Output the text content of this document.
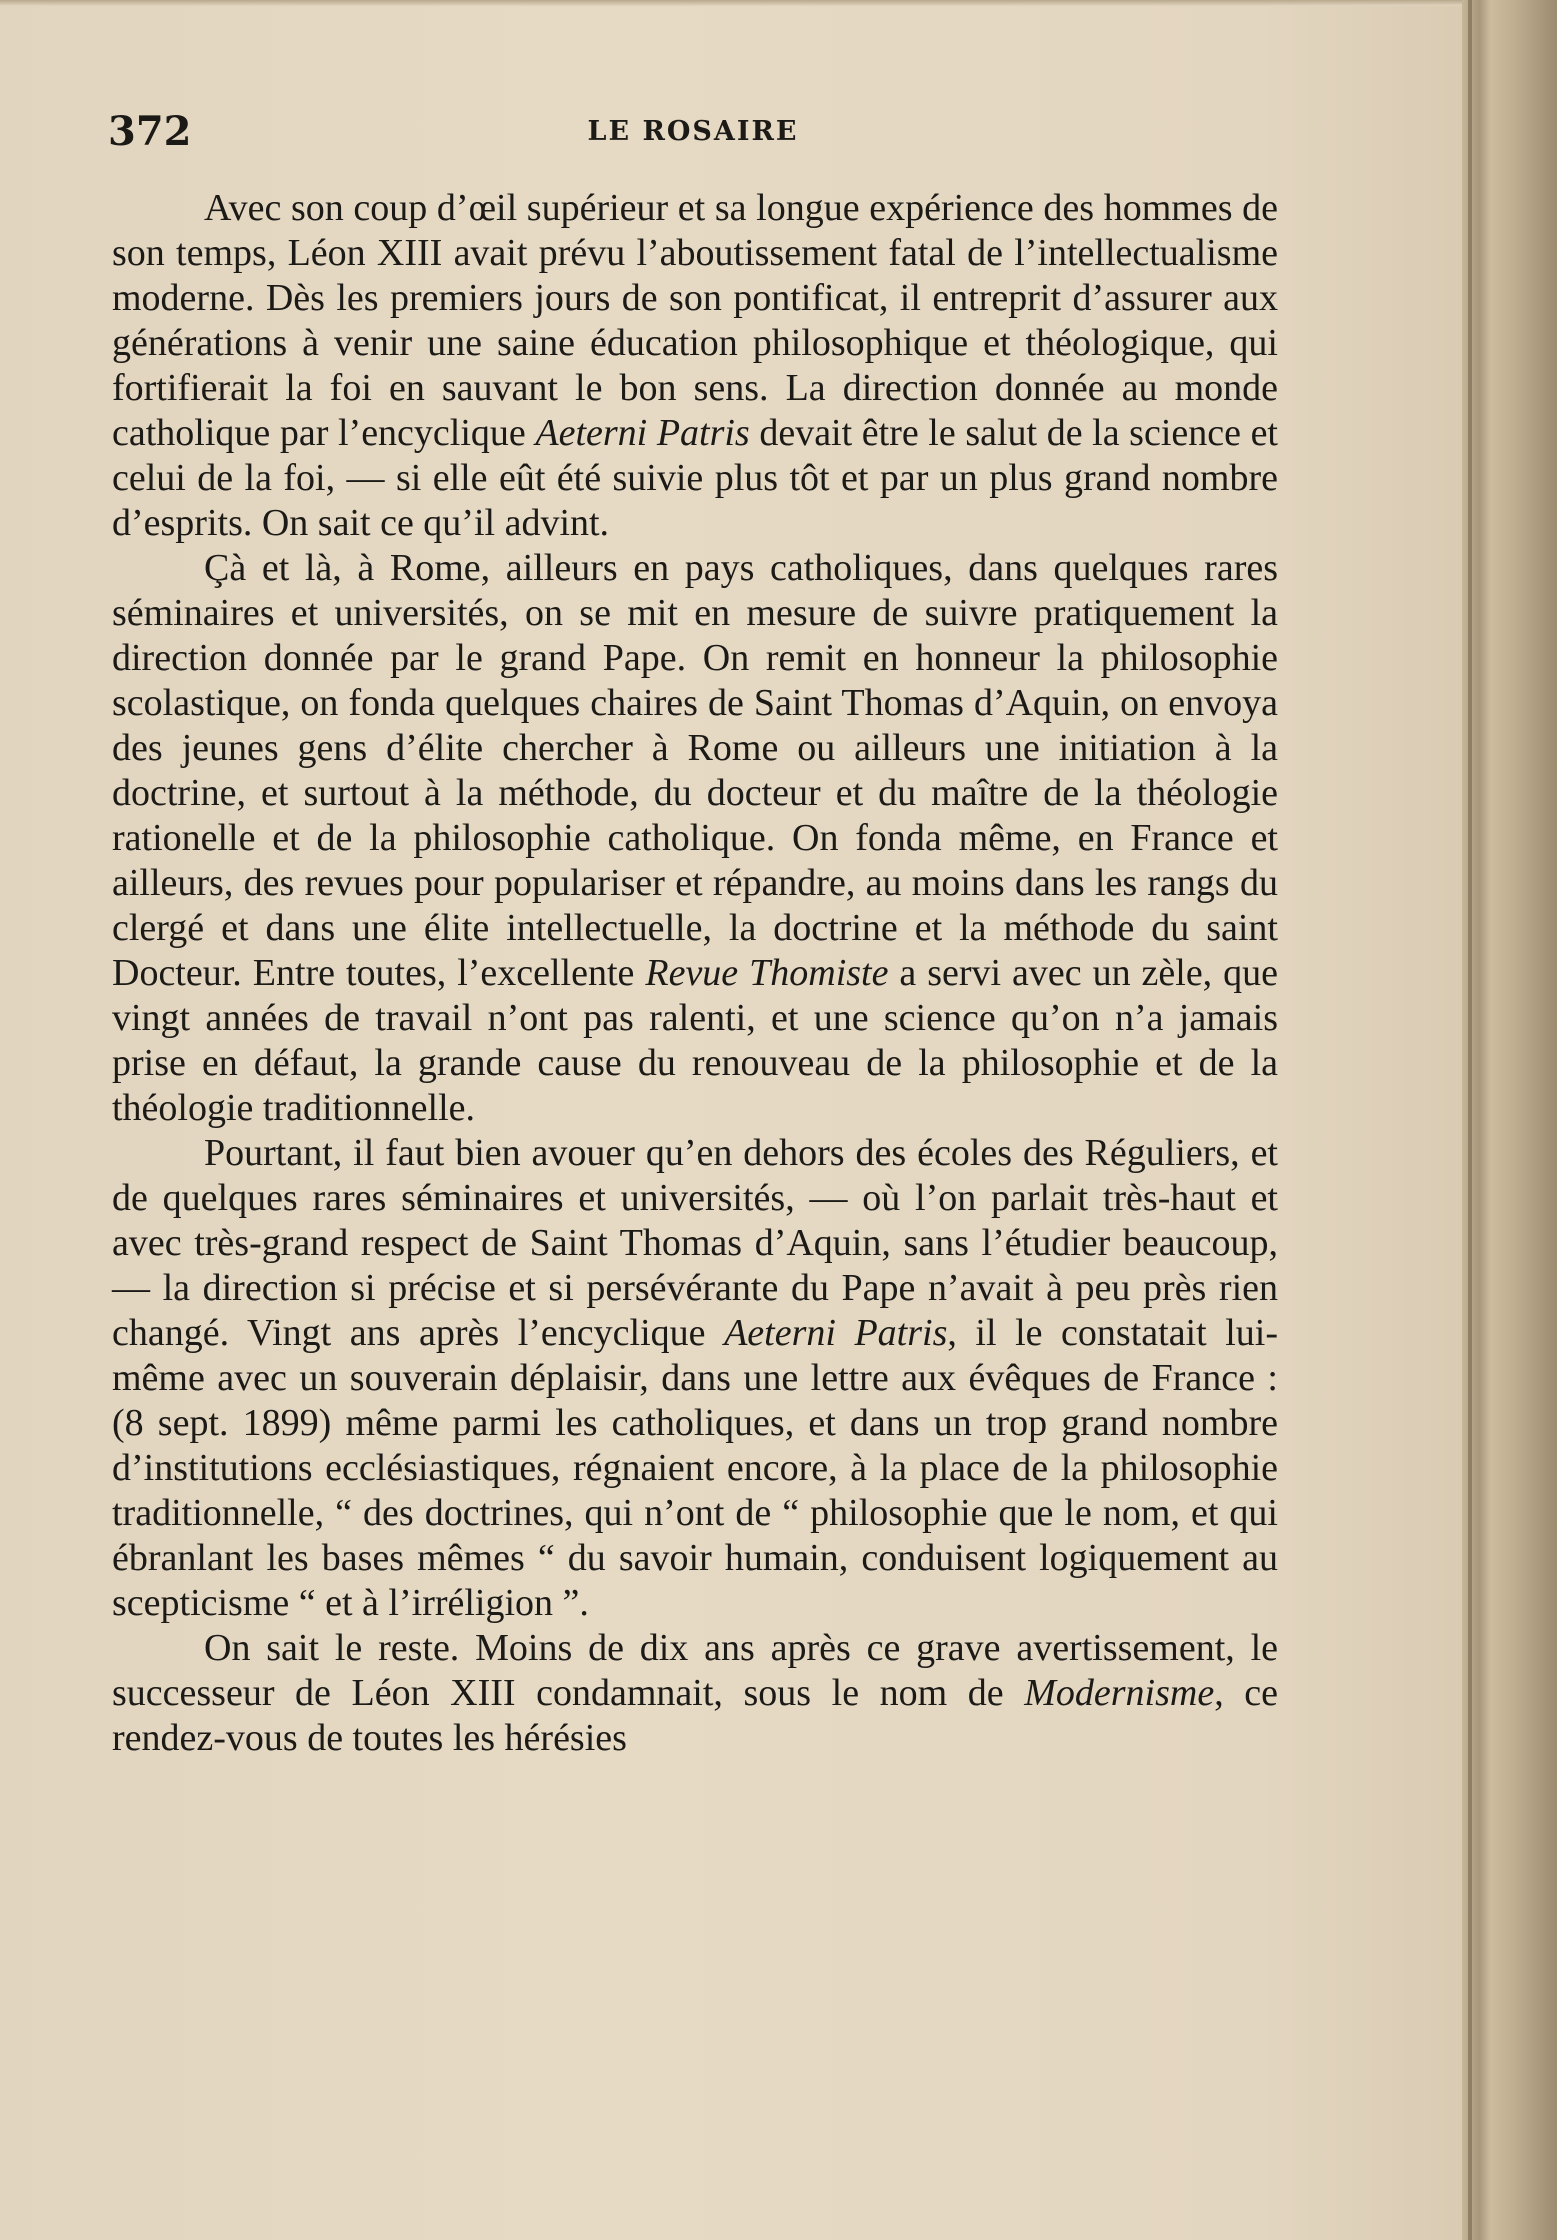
372	LE ROSAIRE

Avec son coup d’œil supérieur et sa longue expérience des hommes de son temps, Léon XIII avait prévu l’aboutissement fatal de l’intellectualisme moderne. Dès les premiers jours de son pontificat, il entreprit d’assurer aux générations à venir une saine éducation philosophique et théologique, qui fortifierait la foi en sauvant le bon sens. La direction donnée au monde catholique par l’encyclique Aeterni Patris devait être le salut de la science et celui de la foi, — si elle eût été suivie plus tôt et par un plus grand nombre d’esprits. On sait ce qu’il advint.

Çà et là, à Rome, ailleurs en pays catholiques, dans quelques rares séminaires et universités, on se mit en mesure de suivre pratiquement la direction donnée par le grand Pape. On remit en honneur la philosophie scolastique, on fonda quelques chaires de Saint Thomas d’Aquin, on envoya des jeunes gens d’élite chercher à Rome ou ailleurs une initiation à la doctrine, et surtout à la méthode, du docteur et du maître de la théologie rationelle et de la philosophie catholique. On fonda même, en France et ailleurs, des revues pour populariser et répandre, au moins dans les rangs du clergé et dans une élite intellectuelle, la doctrine et la méthode du saint Docteur. Entre toutes, l’excellente Revue Thomiste a servi avec un zèle, que vingt années de travail n’ont pas ralenti, et une science qu’on n’a jamais prise en défaut, la grande cause du renouveau de la philosophie et de la théologie traditionnelle.

Pourtant, il faut bien avouer qu’en dehors des écoles des Réguliers, et de quelques rares séminaires et universités, — où l’on parlait très-haut et avec très-grand respect de Saint Thomas d’Aquin, sans l’étudier beaucoup, — la direction si précise et si persévérante du Pape n’avait à peu près rien changé. Vingt ans après l’encyclique Aeterni Patris, il le constatait lui-même avec un souverain déplaisir, dans une lettre aux évêques de France : (8 sept. 1899) même parmi les catholiques, et dans un trop grand nombre d’institutions ecclésiastiques, régnaient encore, à la place de la philosophie traditionnelle, “ des doctrines, qui n’ont de “ philosophie que le nom, et qui ébranlant les bases mêmes “ du savoir humain, conduisent logiquement au scepticisme “ et à l’irréligion ”.

On sait le reste. Moins de dix ans après ce grave avertissement, le successeur de Léon XIII condamnait, sous le nom de Modernisme, ce rendez-vous de toutes les hérésies
